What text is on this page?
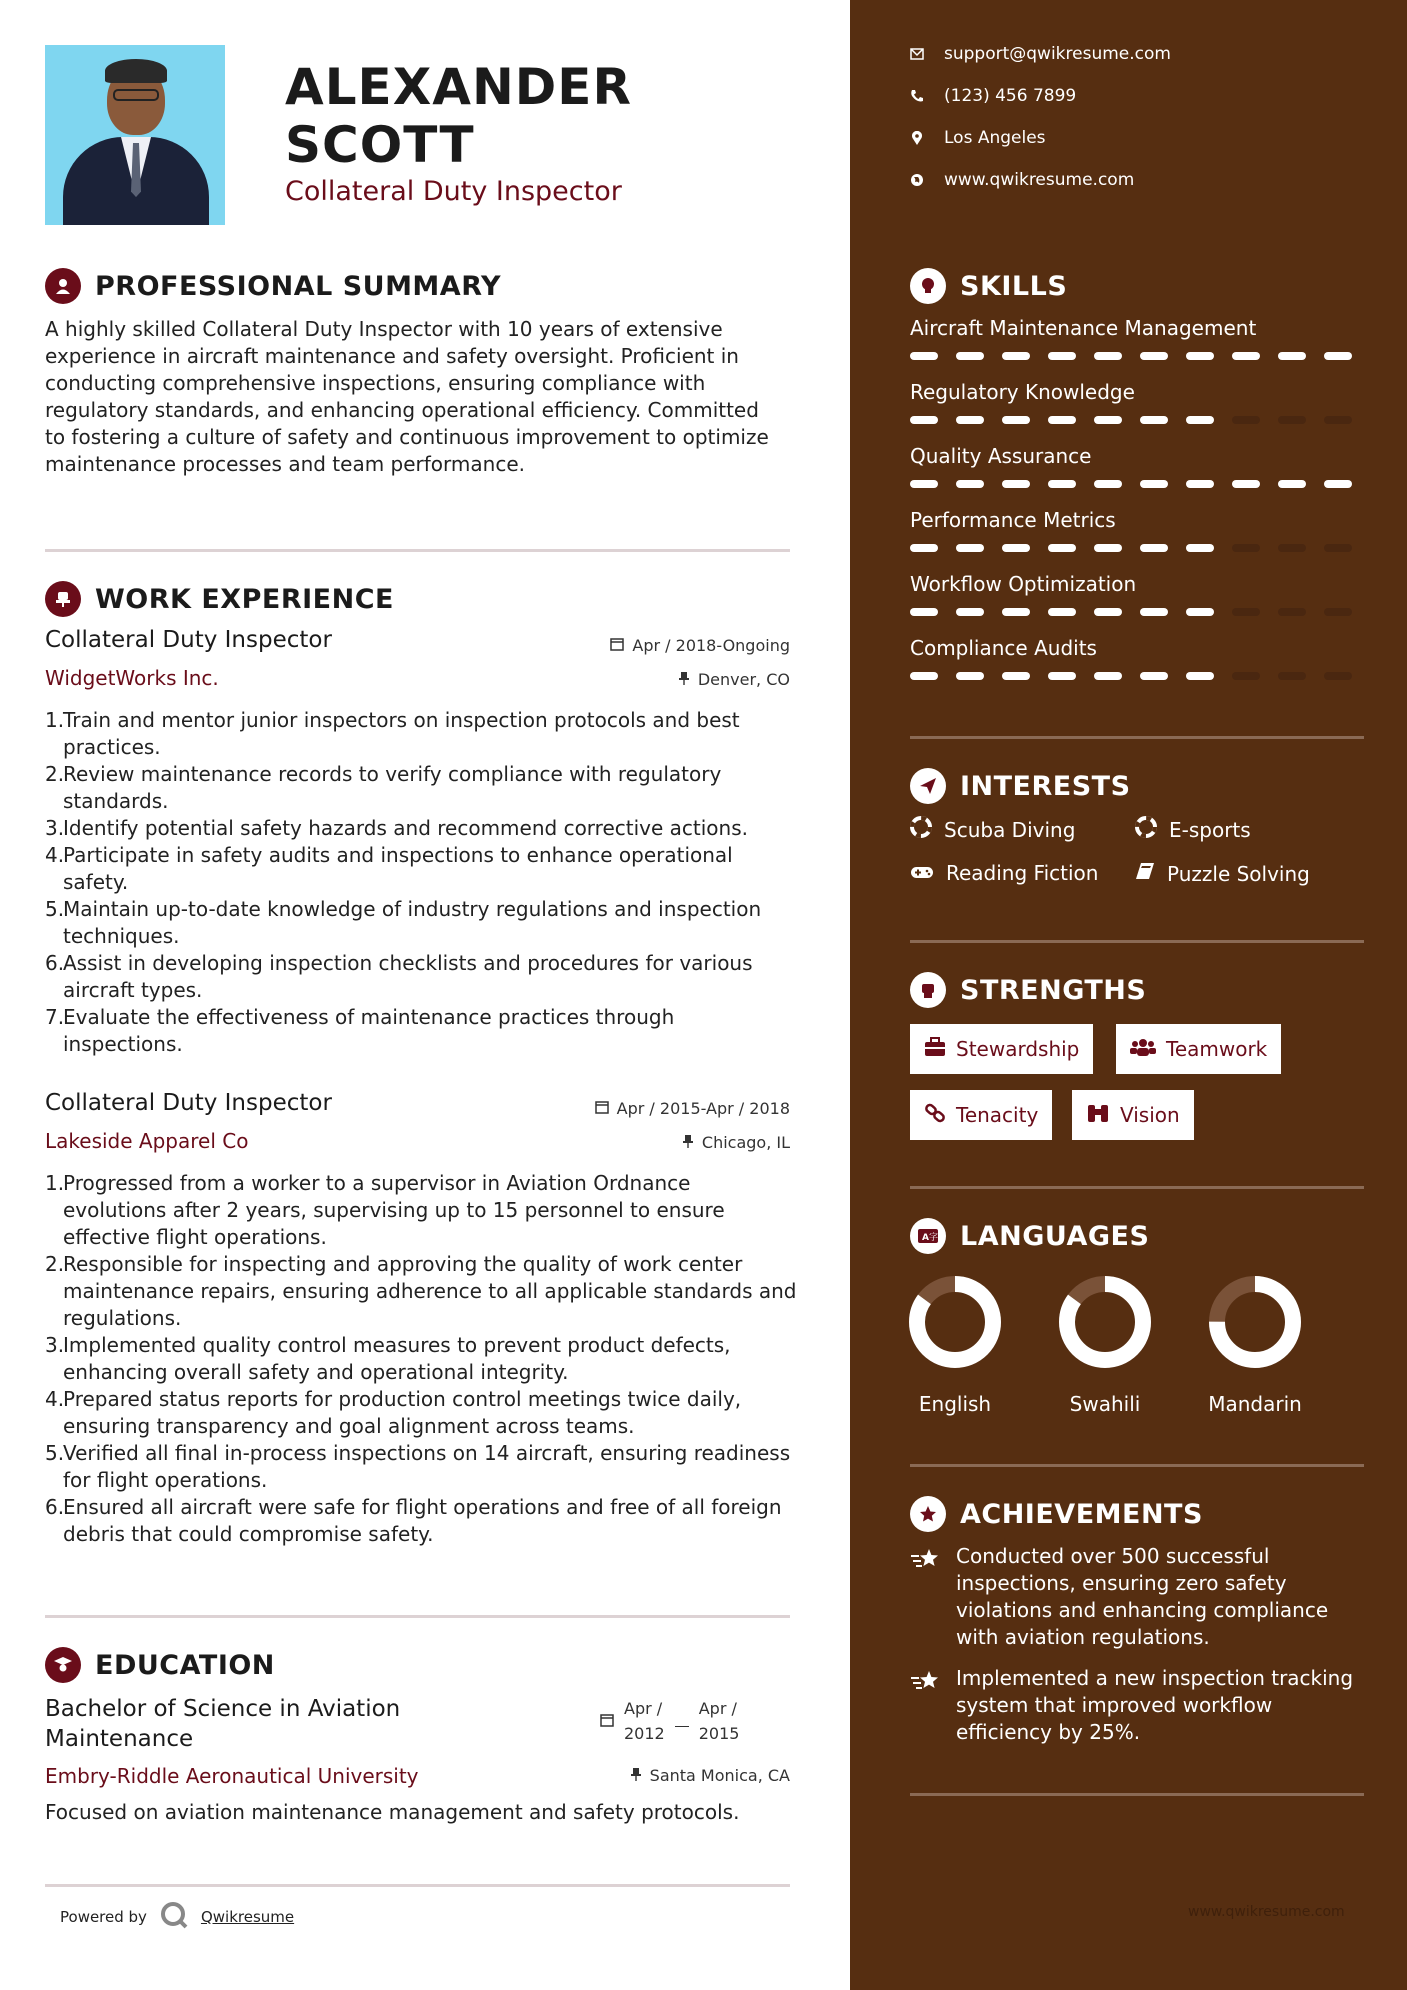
ALEXANDER
SCOTT
Collateral Duty Inspector
PROFESSIONAL SUMMARY
A highly skilled Collateral Duty Inspector with 10 years of extensive experience in aircraft maintenance and safety oversight. Proficient in conducting comprehensive inspections, ensuring compliance with regulatory standards, and enhancing operational efficiency. Committed to fostering a culture of safety and continuous improvement to optimize maintenance processes and team performance.
WORK EXPERIENCE
Collateral Duty Inspector	Apr / 2018-Ongoing
WidgetWorks Inc.	Denver, CO
1.
Train and mentor junior inspectors on inspection protocols and best practices.
2.
Review maintenance records to verify compliance with regulatory standards.
3.
Identify potential safety hazards and recommend corrective actions.
4.
Participate in safety audits and inspections to enhance operational safety.
5.
Maintain up-to-date knowledge of industry regulations and inspection techniques.
6.
Assist in developing inspection checklists and procedures for various aircraft types.
7.
Evaluate the effectiveness of maintenance practices through inspections.
Collateral Duty Inspector	Apr / 2015-Apr / 2018
Lakeside Apparel Co	Chicago, IL
1.
Progressed from a worker to a supervisor in Aviation Ordnance evolutions after 2 years, supervising up to 15 personnel to ensure effective flight operations.
2.
Responsible for inspecting and approving the quality of work center maintenance repairs, ensuring adherence to all applicable standards and regulations.
3.
Implemented quality control measures to prevent product defects, enhancing overall safety and operational integrity.
4.
Prepared status reports for production control meetings twice daily, ensuring transparency and goal alignment across teams.
5.
Verified all final in-process inspections on 14 aircraft, ensuring readiness for flight operations.
6.
Ensured all aircraft were safe for flight operations and free of all foreign debris that could compromise safety.
EDUCATION
Bachelor of Science in Aviation
Maintenance
Apr /
2012
Apr /
2015
Embry-Riddle Aeronautical University	Santa Monica, CA
Focused on aviation maintenance management and safety protocols.
Powered by	Qwikresume
support@qwikresume.com
(123) 456 7899
Los Angeles
www.qwikresume.com
SKILLS
Aircraft Maintenance Management
Regulatory Knowledge
Quality Assurance
Performance Metrics
Workflow Optimization
Compliance Audits
INTERESTS
Scuba Diving	E-sports
Reading Fiction	Puzzle Solving
STRENGTHS
Stewardship	Teamwork
Tenacity	Vision
A 字 LANGUAGES
English	Swahili	Mandarin
ACHIEVEMENTS
Conducted over 500 successful inspections, ensuring zero safety violations and enhancing compliance with aviation regulations.
Implemented a new inspection tracking system that improved workflow efficiency by 25%.
www.qwikresume.com
